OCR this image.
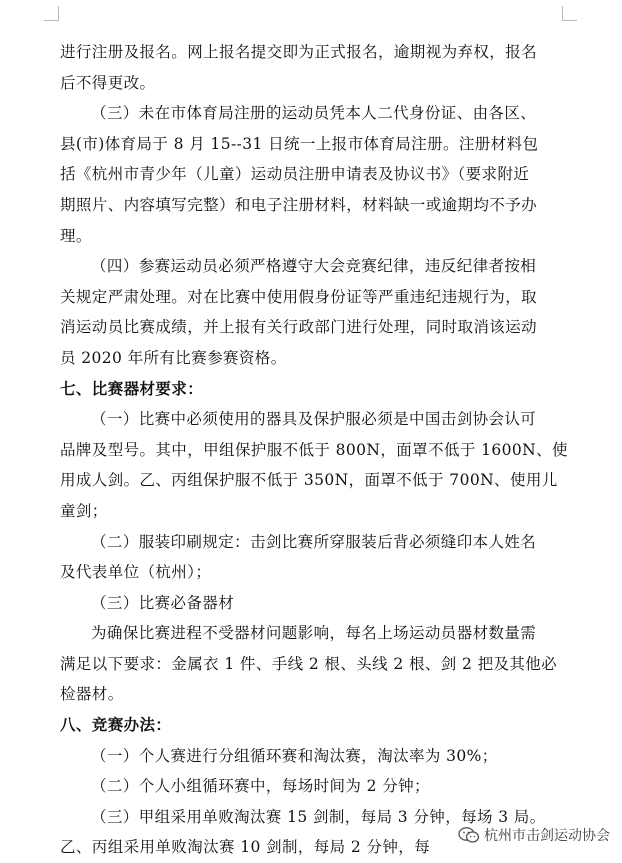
进行注册及报名。网上报名提交即为正式报名，逾期视为弃权，报名
后不得更改。
（三）未在市体育局注册的运动员凭本人二代身份证、由各区、
县(市)体育局于 8 月 15--31 日统一上报市体育局注册。注册材料包
括《杭州市青少年（儿童）运动员注册申请表及协议书》（要求附近
期照片、内容填写完整）和电子注册材料，材料缺一或逾期均不予办
理。
（四）参赛运动员必须严格遵守大会竞赛纪律，违反纪律者按相
关规定严肃处理。对在比赛中使用假身份证等严重违纪违规行为，取
消运动员比赛成绩，并上报有关行政部门进行处理，同时取消该运动
员 2020 年所有比赛参赛资格。
七、比赛器材要求：
（一）比赛中必须使用的器具及保护服必须是中国击剑协会认可
品牌及型号。其中，甲组保护服不低于 800N，面罩不低于 1600N、使
用成人剑。乙、丙组保护服不低于 350N，面罩不低于 700N、使用儿
童剑；
（二）服装印刷规定：击剑比赛所穿服装后背必须缝印本人姓名
及代表单位（杭州）；
（三）比赛必备器材
为确保比赛进程不受器材问题影响，每名上场运动员器材数量需
满足以下要求：金属衣 1 件、手线 2 根、头线 2 根、剑 2 把及其他必
检器材。
八、竞赛办法：
（一）个人赛进行分组循环赛和淘汰赛，淘汰率为 30%；
（二）个人小组循环赛中，每场时间为 2 分钟；
（三）甲组采用单败淘汰赛 15 剑制，每局 3 分钟，每场 3 局。
乙、丙组采用单败淘汰赛 10 剑制，每局 2 分钟，每
杭州市击剑运动协会
